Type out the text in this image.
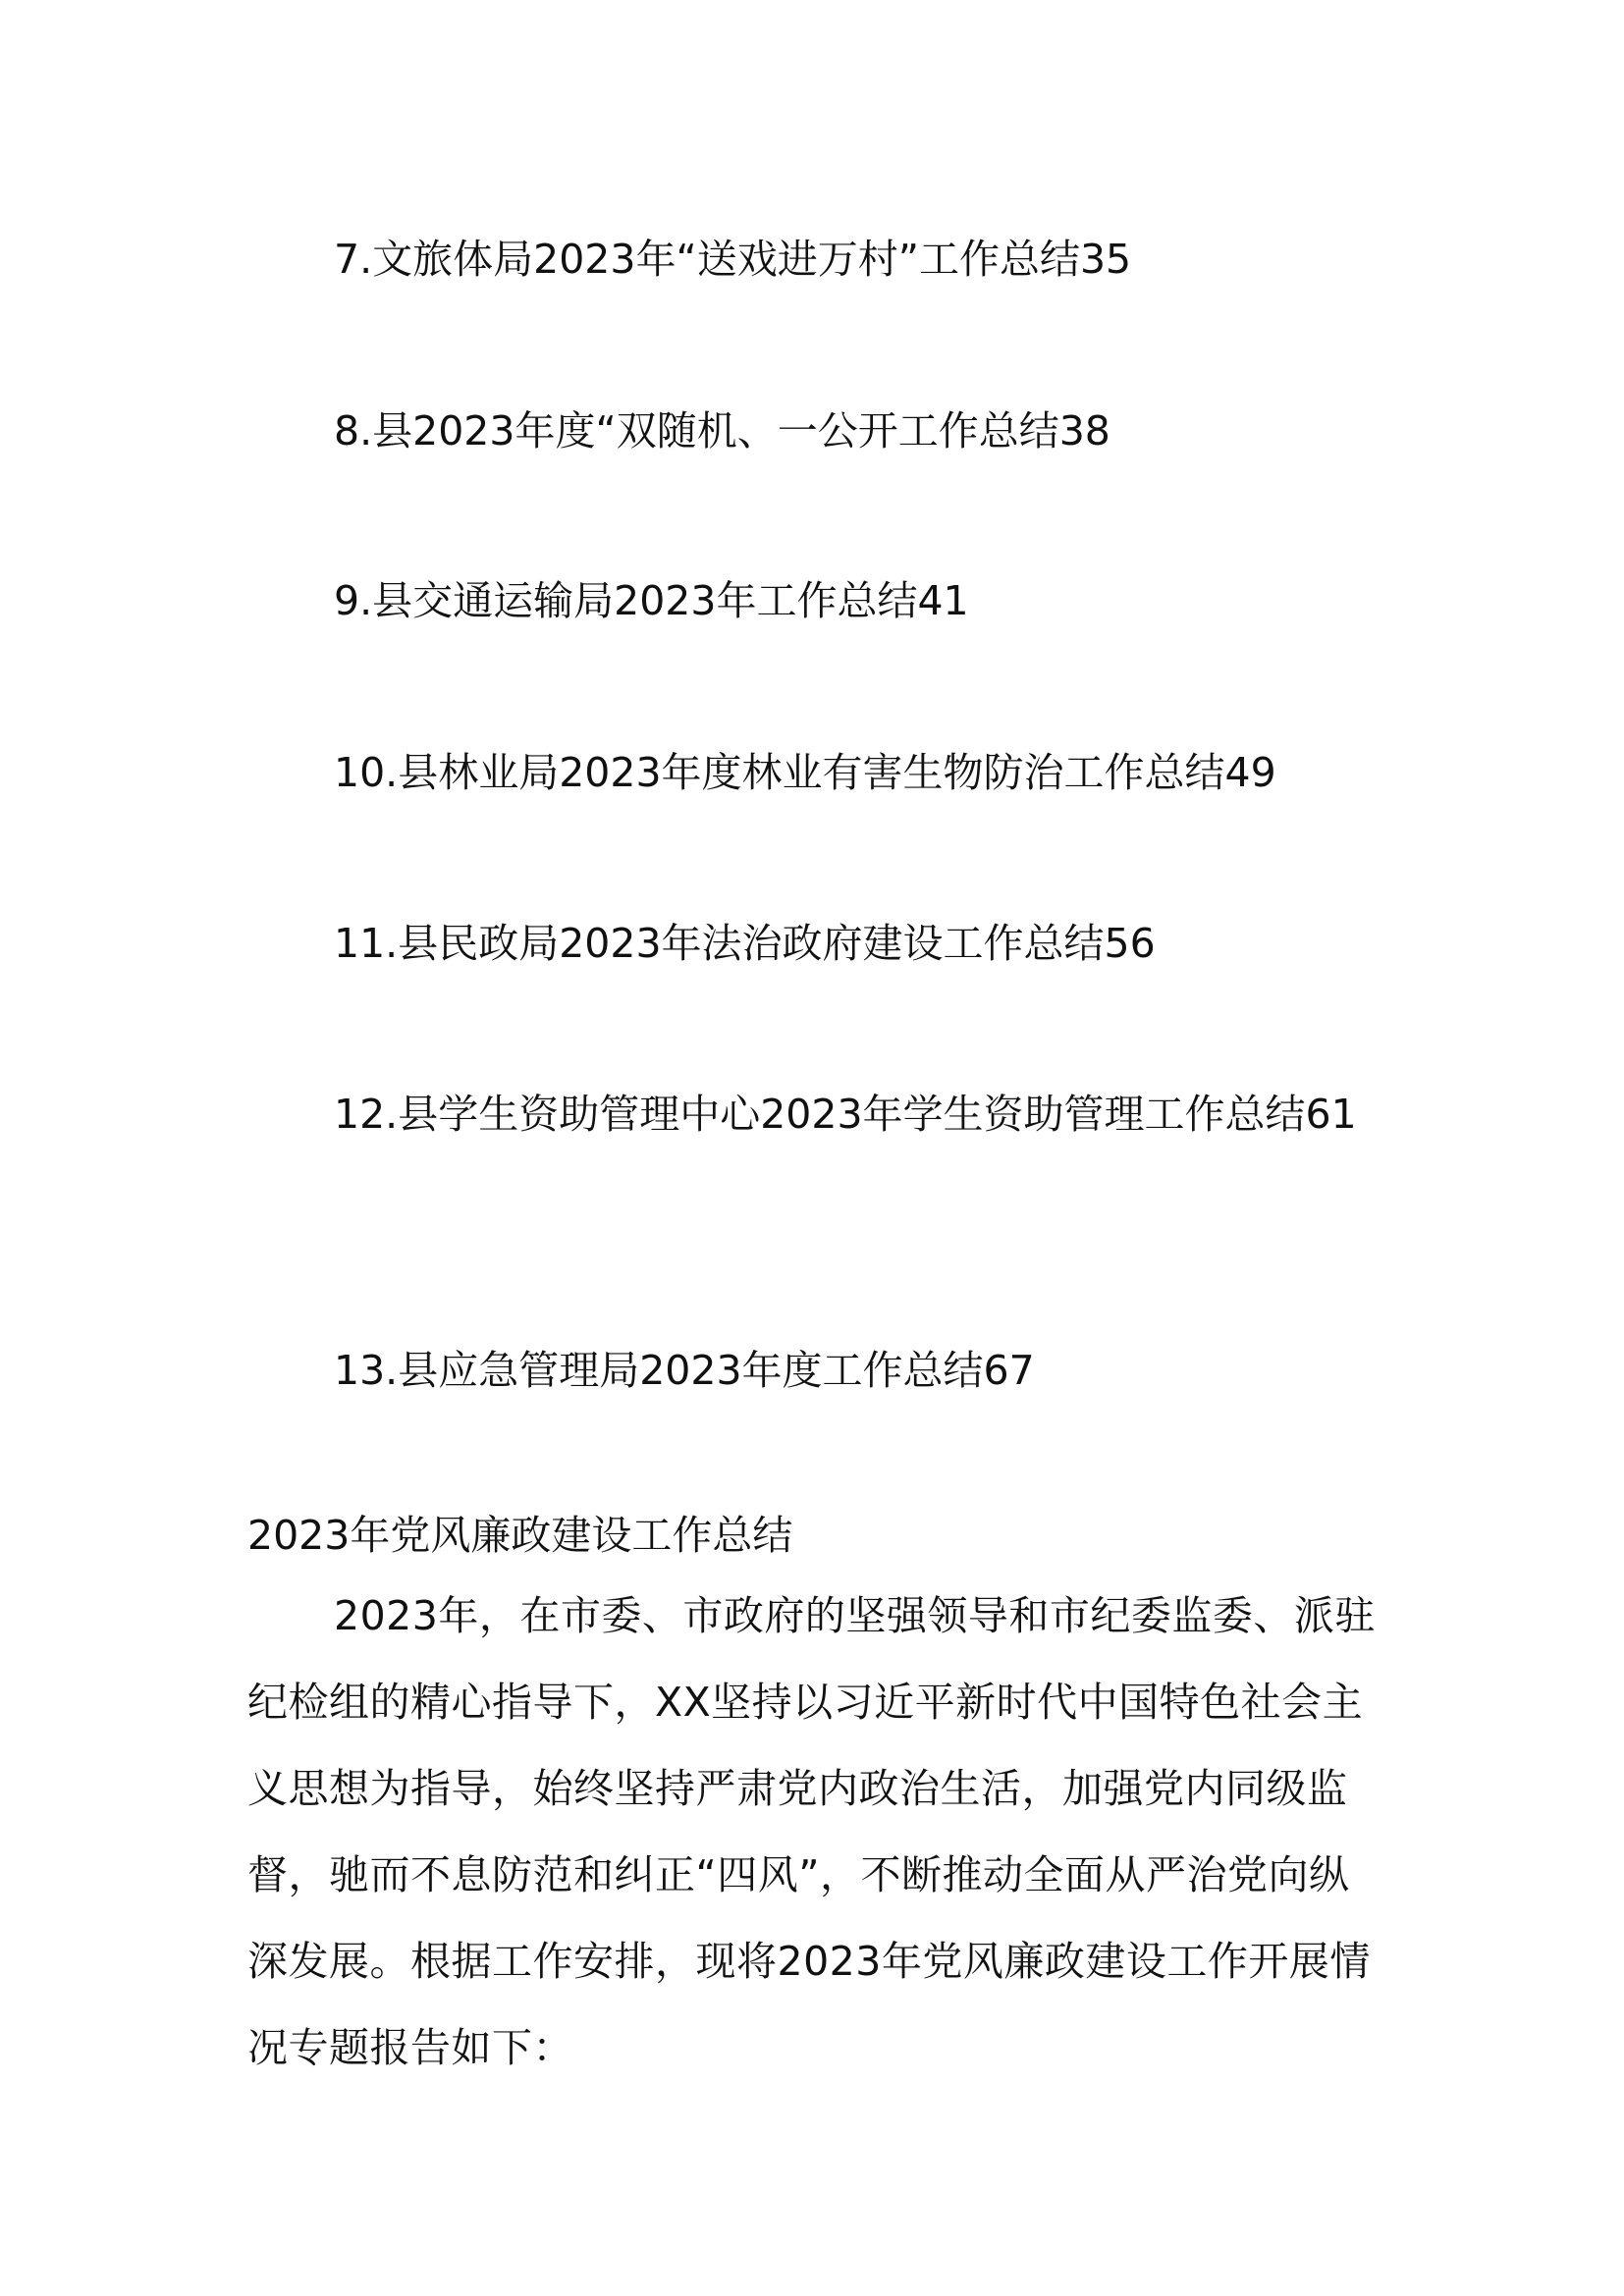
7.文旅体局2023年“送戏进万村”工作总结35

8.县2023年度“双随机、一公开工作总结38

9.县交通运输局2023年工作总结41

10.县林业局2023年度林业有害生物防治工作总结49

11.县民政局2023年法治政府建设工作总结56

12.县学生资助管理中心2023年学生资助管理工作总结61

13.县应急管理局2023年度工作总结67

2023年党风廉政建设工作总结

2023年，在市委、市政府的坚强领导和市纪委监委、派驻纪检组的精心指导下，XX坚持以习近平新时代中国特色社会主义思想为指导，始终坚持严肃党内政治生活，加强党内同级监督，驰而不息防范和纠正“四风”，不断推动全面从严治党向纵深发展。根据工作安排，现将2023年党风廉政建设工作开展情况专题报告如下：
